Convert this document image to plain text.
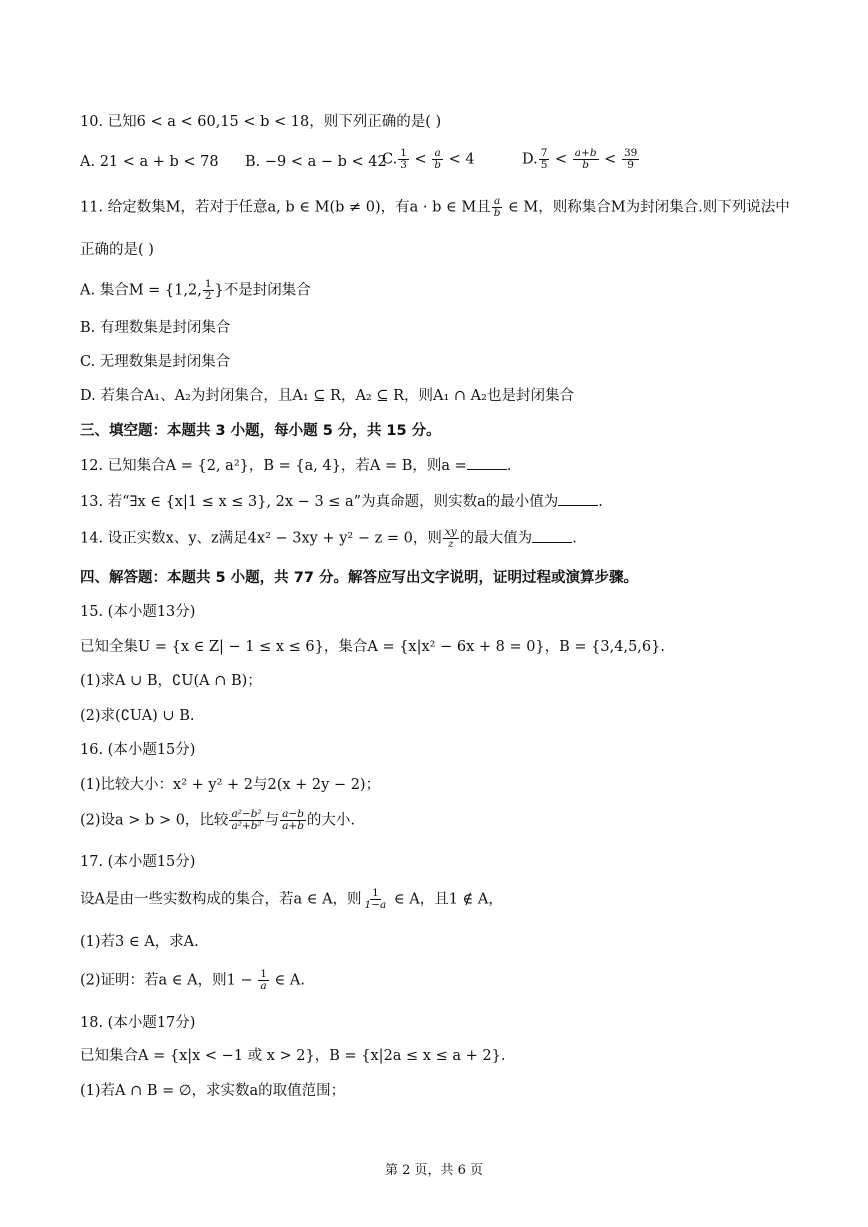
10. 已知6 < a < 60,15 < b < 18，则下列正确的是( )
A. 21 < a + b < 78 B. −9 < a − b < 42
C. $\frac{1}{3} < \frac{a}{b} < 4$	D. $\frac{7}{5} < \frac{a+b}{b} < \frac{39}{9}$
11. 给定数集M，若对于任意a, b ∈ M(b ≠ 0)，有a · b ∈ M且 $\frac{a}{b}$ ∈ M，则称集合M为封闭集合.则下列说法中
正确的是( )
A. 集合M = {1,2, $\frac{1}{2}$ }不是封闭集合
B. 有理数集是封闭集合
C. 无理数集是封闭集合
D. 若集合A₁、A₂为封闭集合，且A₁ ⊆ R，A₂ ⊆ R，则A₁ ∩ A₂也是封闭集合
三、填空题：本题共 3 小题，每小题 5 分，共 15 分。
12. 已知集合A = {2, a²}，B = {a, 4}，若A = B，则a =	.
13. 若“∃x ∈ {x|1 ≤ x ≤ 3}, 2x − 3 ≤ a”为真命题，则实数a的最小值为	.
14. 设正实数x、y、z满足4x² − 3xy + y² − z = 0，则 $\frac{xy}{z}$ 的最大值为	.
四、解答题：本题共 5 小题，共 77 分。解答应写出文字说明，证明过程或演算步骤。
15. (本小题13分)
已知全集U = {x ∈ Z| − 1 ≤ x ≤ 6}，集合A = {x|x² − 6x + 8 = 0}，B = {3,4,5,6}.
(1)求A ∪ B，∁U(A ∩ B)；
(2)求(∁UA) ∪ B.
16. (本小题15分)
(1)比较大小：x² + y² + 2与2(x + 2y − 2)；
(2)设a > b > 0，比较 $\frac{\text{a²−b²}}{\text{a²+b²}}$ 与 $\frac{a-b}{a+b}$ 的大小.
17. (本小题15分)
设A是由一些实数构成的集合，若a ∈ A，则 $\frac{1}{1-a}$ ∈ A，且1 ∉ A，
(1)若3 ∈ A，求A.
(2)证明：若a ∈ A，则$1 - \frac{1}{a}$ ∈ A.
18. (本小题17分)
已知集合A = {x|x < −1 或 x > 2}，B = {x|2a ≤ x ≤ a + 2}.
(1)若A ∩ B = ∅，求实数a的取值范围；
第 2 页，共 6 页
